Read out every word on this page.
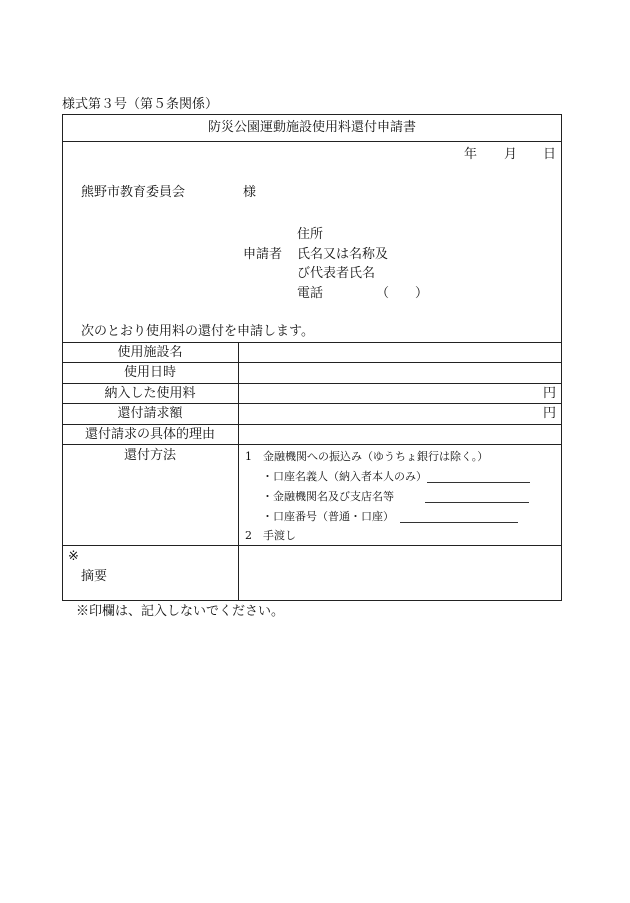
様式第３号（第５条関係）
防災公園運動施設使用料還付申請書
年 月 日
熊野市教育委員会	様
住所
申請者 氏名又は名称及
び代表者氏名
電話	（　　）
次のとおり使用料の還付を申請します。
使用施設名
使用日時
納入した使用料	円
還付請求額	円
還付請求の具体的理由
還付方法	1　金融機関への振込み（ゆうちょ銀行は除く。）
・口座名義人（納入者本人のみ）
・金融機関名及び支店名等
・口座番号（普通・口座）
2　手渡し
※
摘要
※印欄は、記入しないでください。
